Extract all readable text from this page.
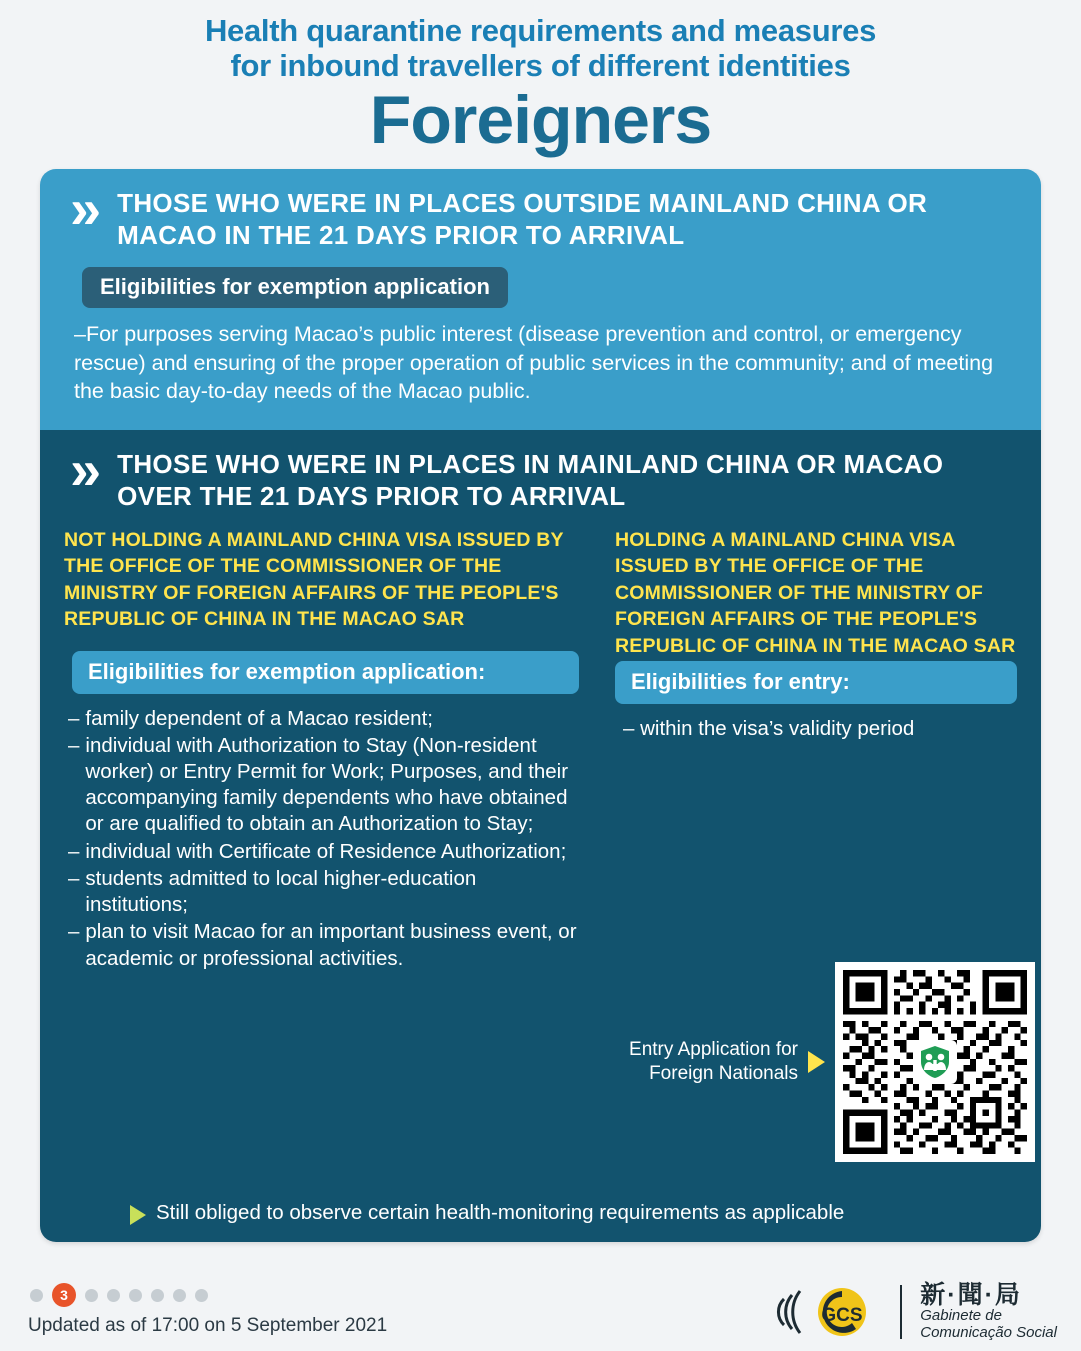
Health quarantine requirements and measures
for inbound travellers of different identities
Foreigners
»	THOSE WHO WERE IN PLACES OUTSIDE MAINLAND CHINA OR MACAO IN THE 21 DAYS PRIOR TO ARRIVAL
Eligibilities for exemption application
–For purposes serving Macao’s public interest (disease prevention and control, or emergency rescue) and ensuring of the proper operation of public services in the community; and of meeting the basic day-to-day needs of the Macao public.
»	THOSE WHO WERE IN PLACES IN MAINLAND CHINA OR MACAO OVER THE 21 DAYS PRIOR TO ARRIVAL
NOT HOLDING A MAINLAND CHINA VISA ISSUED BY THE OFFICE OF THE COMMISSIONER OF THE MINISTRY OF FOREIGN AFFAIRS OF THE PEOPLE'S REPUBLIC OF CHINA IN THE MACAO SAR
Eligibilities for exemption application:
– family dependent of a Macao resident;
– individual with Authorization to Stay (Non-resident worker) or Entry Permit for Work; Purposes, and their accompanying family dependents who have obtained or are qualified to obtain an Authorization to Stay;
– individual with Certificate of Residence Authorization;
– students admitted to local higher-education institutions;
– plan to visit Macao for an important business event, or academic or professional activities.
HOLDING A MAINLAND CHINA VISA ISSUED BY THE OFFICE OF THE COMMISSIONER OF THE MINISTRY OF FOREIGN AFFAIRS OF THE PEOPLE'S REPUBLIC OF CHINA IN THE MACAO SAR
Eligibilities for entry:
– within the visa’s validity period
Entry Application for
Foreign Nationals
Still obliged to observe certain health-monitoring requirements as applicable
3
Updated as of 17:00 on 5 September 2021	GCS
新·聞·局
Gabinete de
Comunicação Social
